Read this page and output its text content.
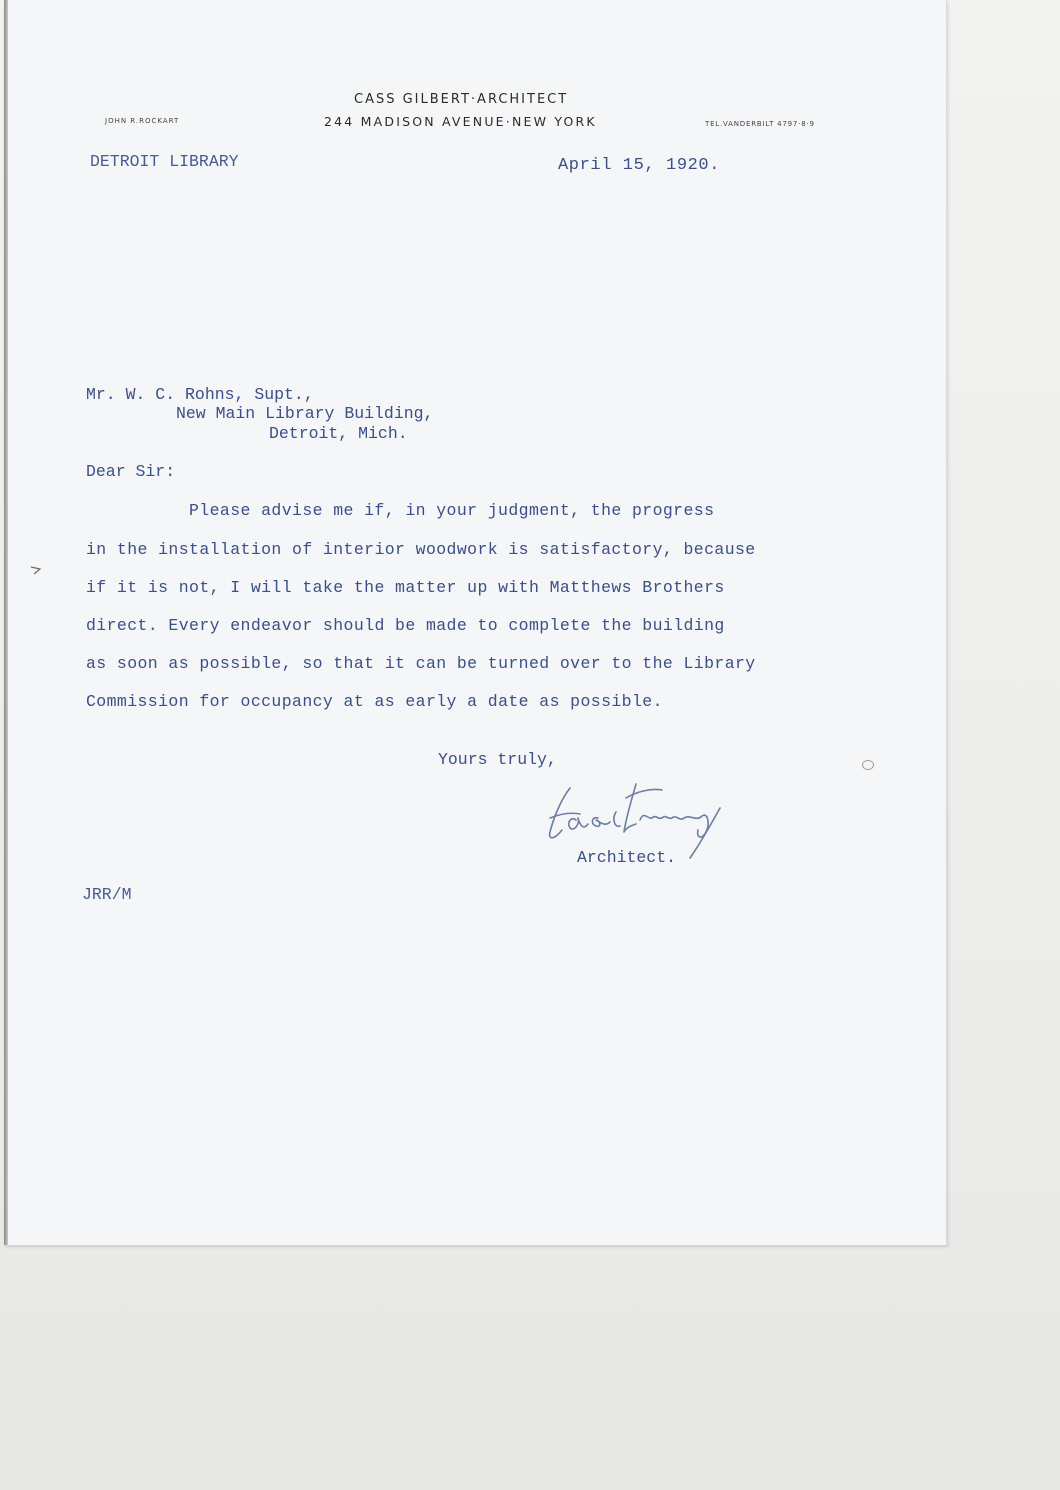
CASS GILBERT·ARCHITECT
244 MADISON AVENUE·NEW YORK
JOHN R.ROCKART	TEL.VANDERBILT 4797·8·9
DETROIT LIBRARY	April 15, 1920.
Mr. W. C. Rohns, Supt.,
New Main Library Building,
Detroit, Mich.
Dear Sir:
Please advise me if, in your judgment, the progress
in the installation of interior woodwork is satisfactory, because
if it is not, I will take the matter up with Matthews Brothers
direct. Every endeavor should be made to complete the building
as soon as possible, so that it can be turned over to the Library
Commission for occupancy at as early a date as possible.
Yours truly,
Architect.
JRR/M
